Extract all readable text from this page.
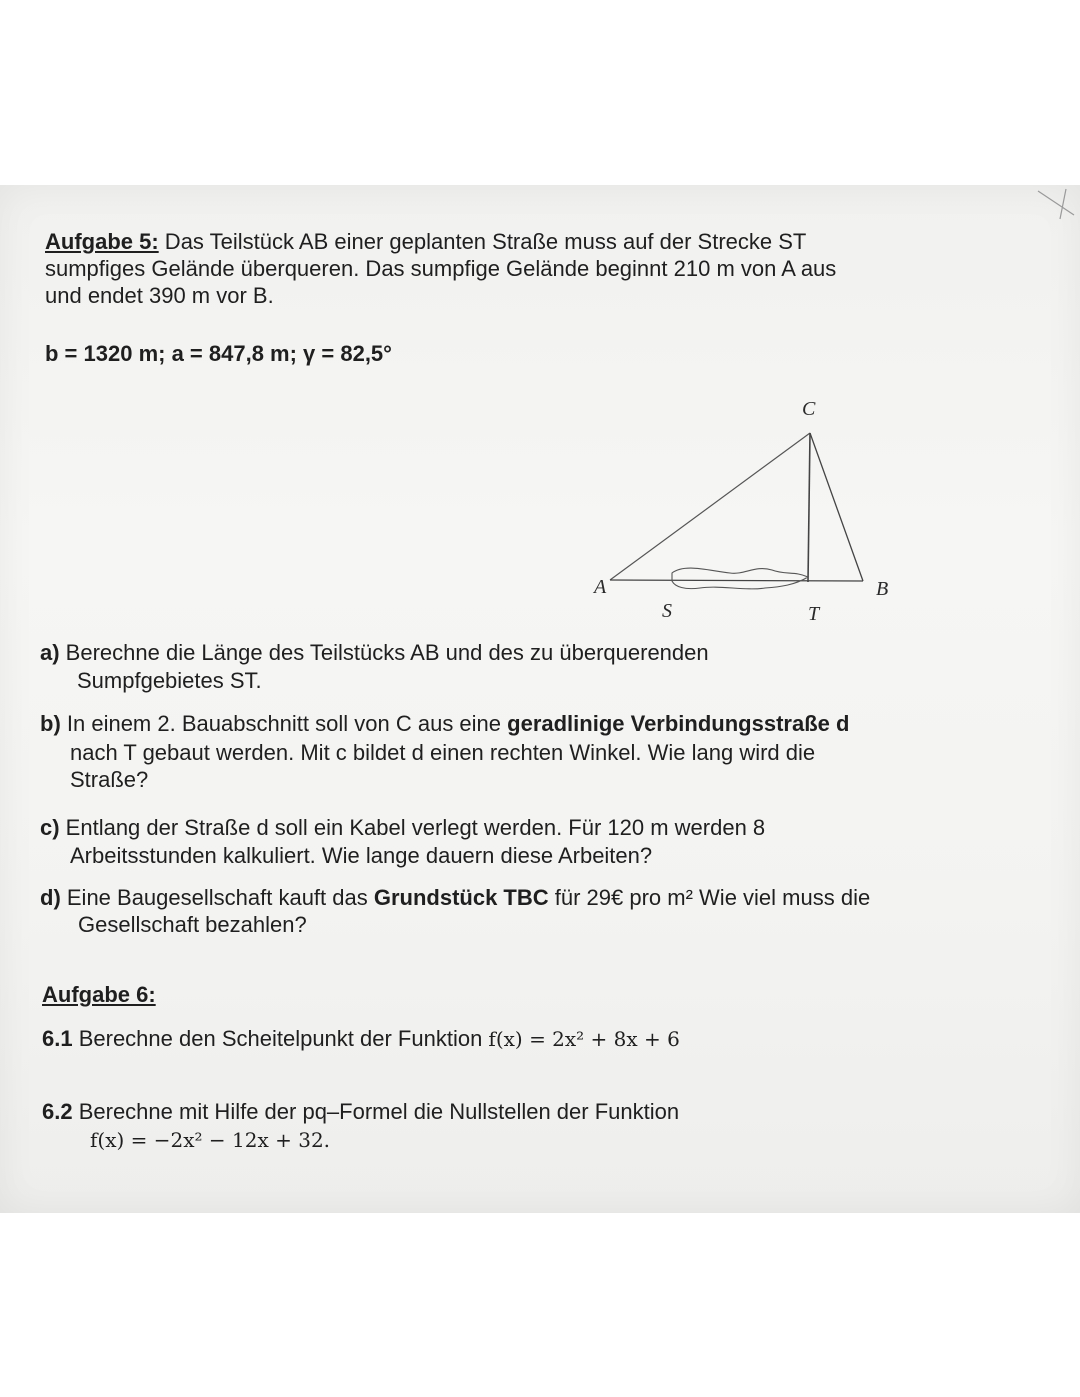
Aufgabe 5: Das Teilstück AB einer geplanten Straße muss auf der Strecke ST
sumpfiges Gelände überqueren. Das sumpfige Gelände beginnt 210 m von A aus
und endet 390 m vor B.
b = 1320 m; a = 847,8 m; γ = 82,5°
C
A	B
S	T
a) Berechne die Länge des Teilstücks AB und des zu überquerenden
Sumpfgebietes ST.
b) In einem 2. Bauabschnitt soll von C aus eine geradlinige Verbindungsstraße d
nach T gebaut werden. Mit c bildet d einen rechten Winkel. Wie lang wird die
Straße?
c) Entlang der Straße d soll ein Kabel verlegt werden. Für 120 m werden 8
Arbeitsstunden kalkuliert. Wie lange dauern diese Arbeiten?
d) Eine Baugesellschaft kauft das Grundstück TBC für 29€ pro m² Wie viel muss die
Gesellschaft bezahlen?
Aufgabe 6:
6.1 Berechne den Scheitelpunkt der Funktion f(x) = 2x² + 8x + 6
6.2 Berechne mit Hilfe der pq–Formel die Nullstellen der Funktion
f(x) = −2x² − 12x + 32.
